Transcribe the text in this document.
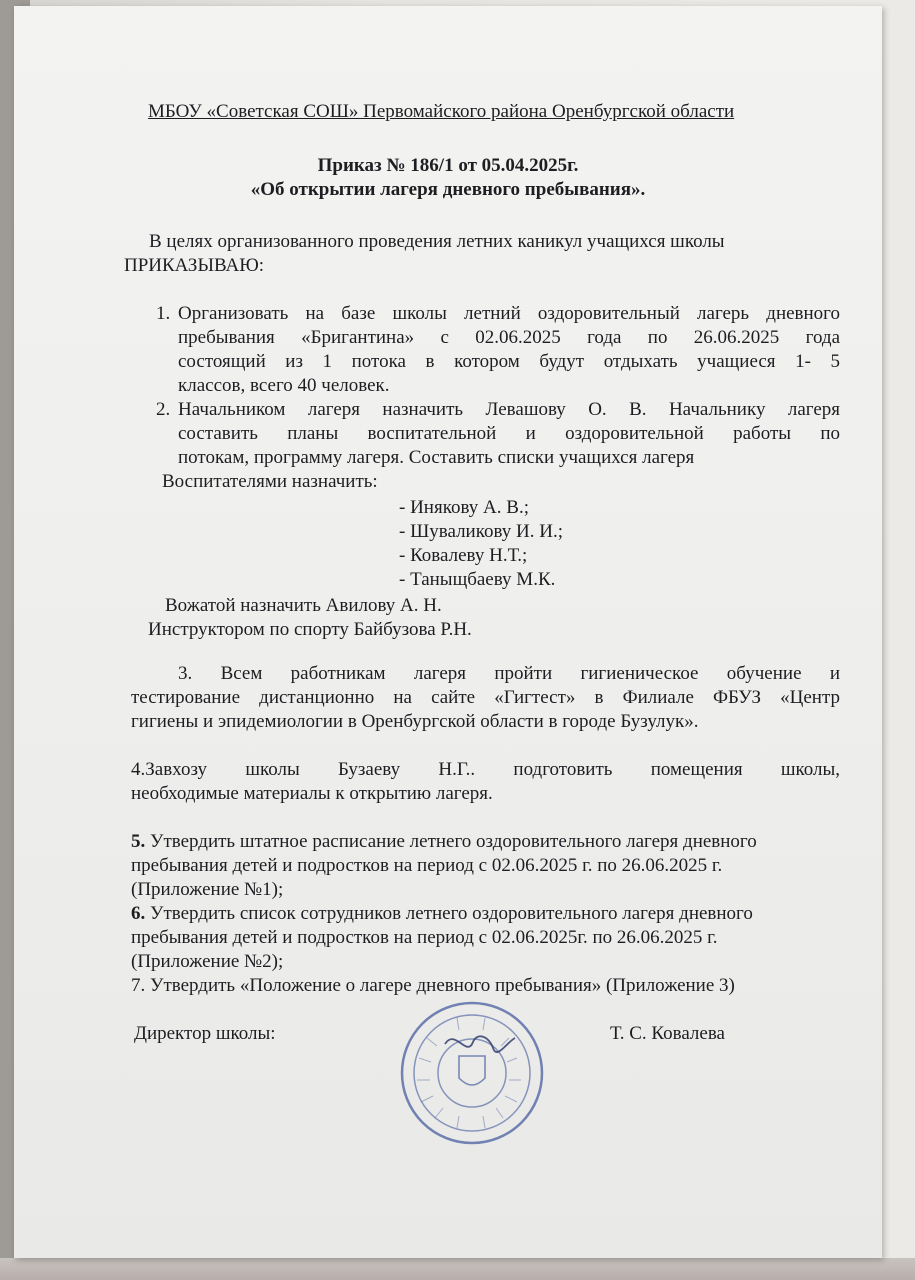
МБОУ «Советская СОШ» Первомайского района Оренбургской области
Приказ № 186/1 от 05.04.2025г.
«Об открытии лагеря дневного пребывания».
В целях организованного проведения летних каникул учащихся школы
ПРИКАЗЫВАЮ:
1. Организовать на базе школы летний оздоровительный лагерь дневного
пребывания «Бригантина» с 02.06.2025 года по 26.06.2025 года
состоящий из 1 потока в котором будут отдыхать учащиеся 1- 5
классов, всего 40 человек.
2. Начальником лагеря назначить Левашову О. В. Начальнику лагеря
составить планы воспитательной и оздоровительной работы по
потокам, программу лагеря. Составить списки учащихся лагеря
Воспитателями назначить:
- Инякову А. В.;
- Шуваликову И. И.;
- Ковалеву Н.Т.;
- Таныщбаеву М.К.
Вожатой назначить Авилову А. Н.
Инструктором по спорту Байбузова Р.Н.
3. Всем работникам лагеря пройти гигиеническое обучение и
тестирование дистанционно на сайте «Гигтест» в Филиале ФБУЗ «Центр
гигиены и эпидемиологии в Оренбургской области в городе Бузулук».
4.Завхозу школы Бузаеву Н.Г.. подготовить помещения школы,
необходимые материалы к открытию лагеря.
5. Утвердить штатное расписание летнего оздоровительного лагеря дневного
пребывания детей и подростков на период с 02.06.2025 г. по 26.06.2025 г.
(Приложение №1);
6. Утвердить список сотрудников летнего оздоровительного лагеря дневного
пребывания детей и подростков на период с 02.06.2025г. по 26.06.2025 г.
(Приложение №2);
7. Утвердить «Положение о лагере дневного пребывания» (Приложение 3)
Директор школы:	Т. С. Ковалева
